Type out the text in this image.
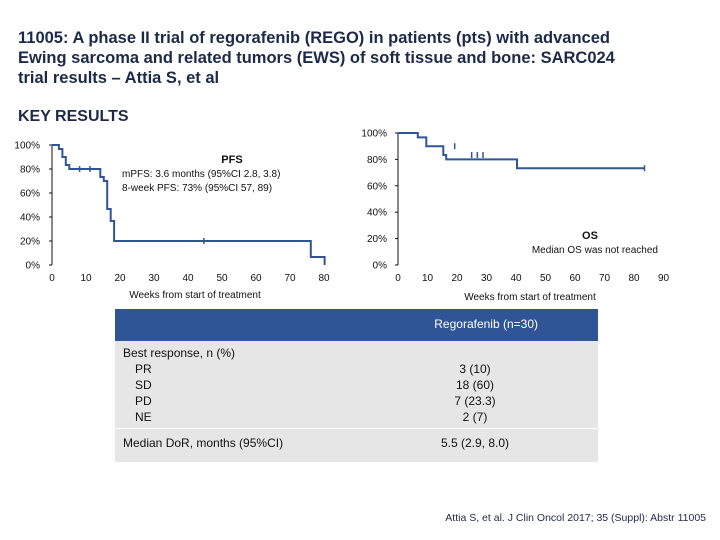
11005: A phase II trial of regorafenib (REGO) in patients (pts) with advanced Ewing sarcoma and related tumors (EWS) of soft tissue and bone: SARC024 trial results – Attia S, et al
KEY RESULTS
100%
80%
60%
40%
20%
0%
0	10 20 30 40 50 60 70 80
Weeks from start of treatment
PFS
mPFS: 3.6 months (95%CI 2.8, 3.8)
8-week PFS: 73% (95%CI 57, 89)
100%
80%
60%
40%
20%
0%
0 10 20 30 40 50 60 70 80 90
Weeks from start of treatment
OS
Median OS was not reached
Regorafenib (n=30)
Best response, n (%)
PR
SD
PD
NE
3 (10)
18 (60)
7 (23.3)
2 (7)
Median DoR, months (95%CI)	5.5 (2.9, 8.0)
Attia S, et al. J Clin Oncol 2017; 35 (Suppl): Abstr 11005
